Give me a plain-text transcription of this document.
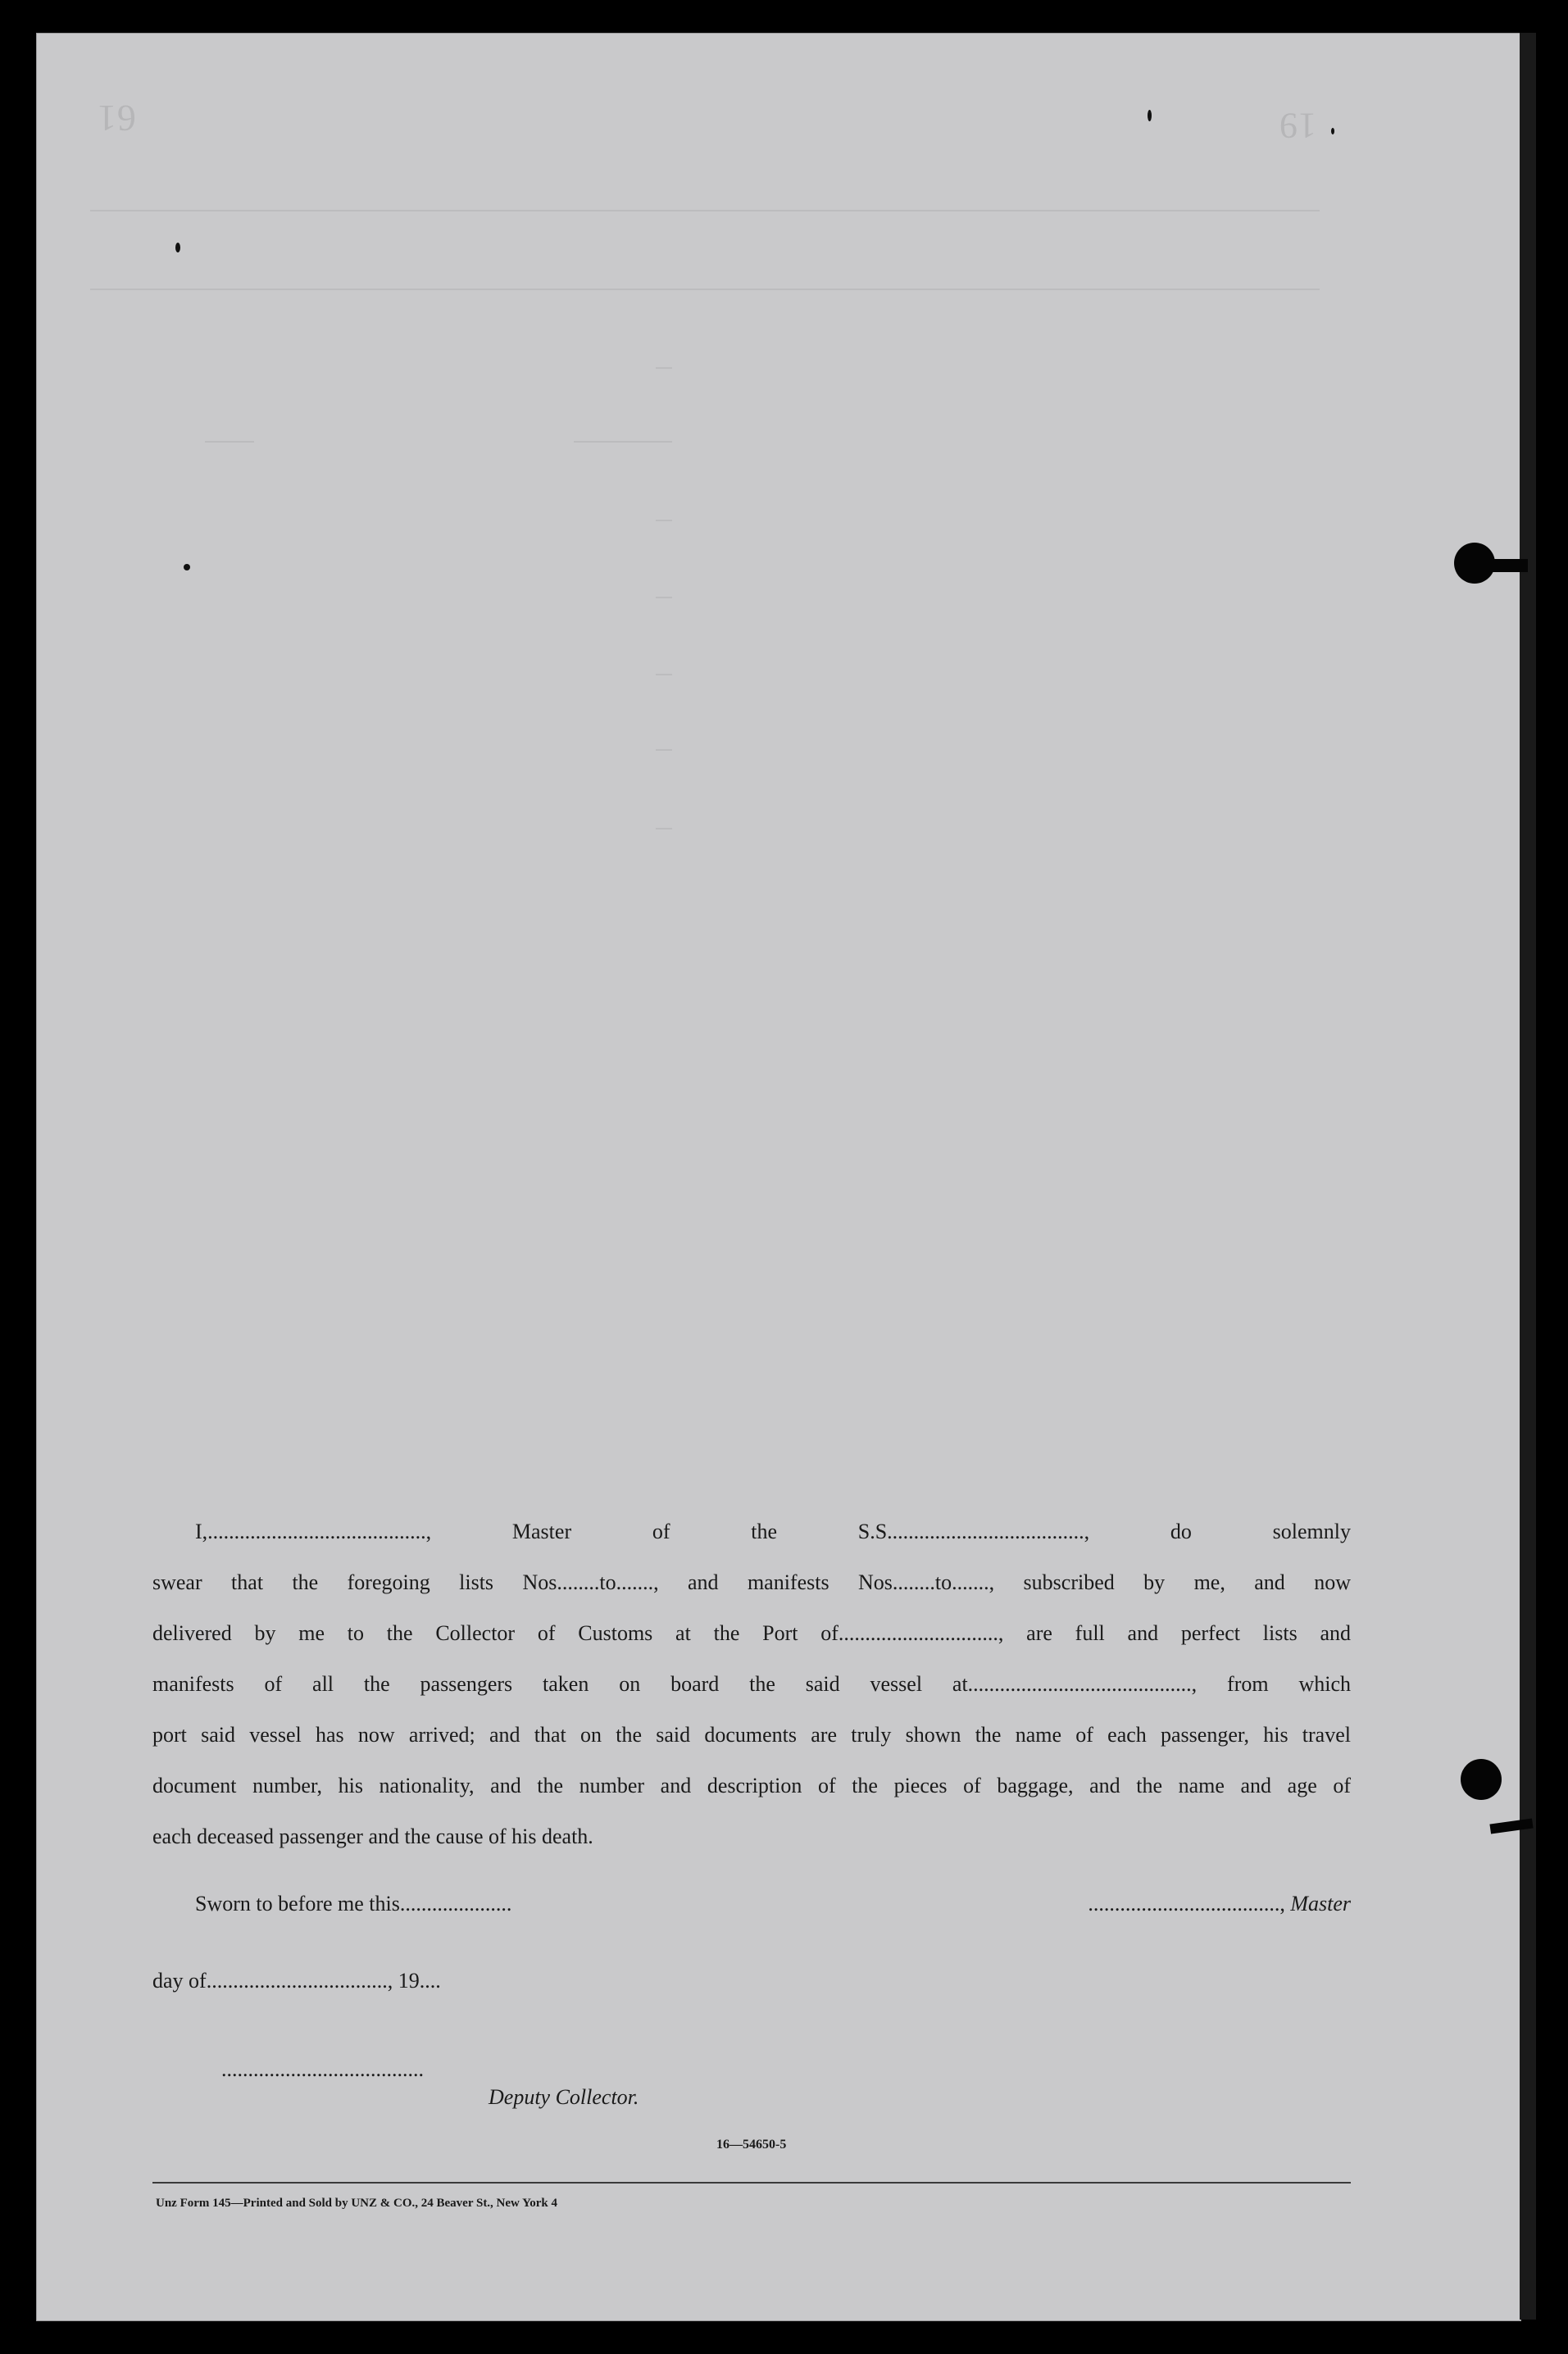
61	19
I,........................................., Master of the S.S....................................., do solemnly
swear that the foregoing lists Nos........to......., and manifests Nos........to......., subscribed by me, and now
delivered by me to the Collector of Customs at the Port of.............................., are full and perfect lists and
manifests of all the passengers taken on board the said vessel at.........................................., from which
port said vessel has now arrived; and that on the said documents are truly shown the name of each passenger, his travel
document number, his nationality, and the number and description of the pieces of baggage, and the name and age of
each deceased passenger and the cause of his death.
Sworn to before me this.....................	...................................., Master
day of.................................., 19....
......................................
Deputy Collector.
16—54650-5
Unz Form 145—Printed and Sold by UNZ & CO., 24 Beaver St., New York 4
